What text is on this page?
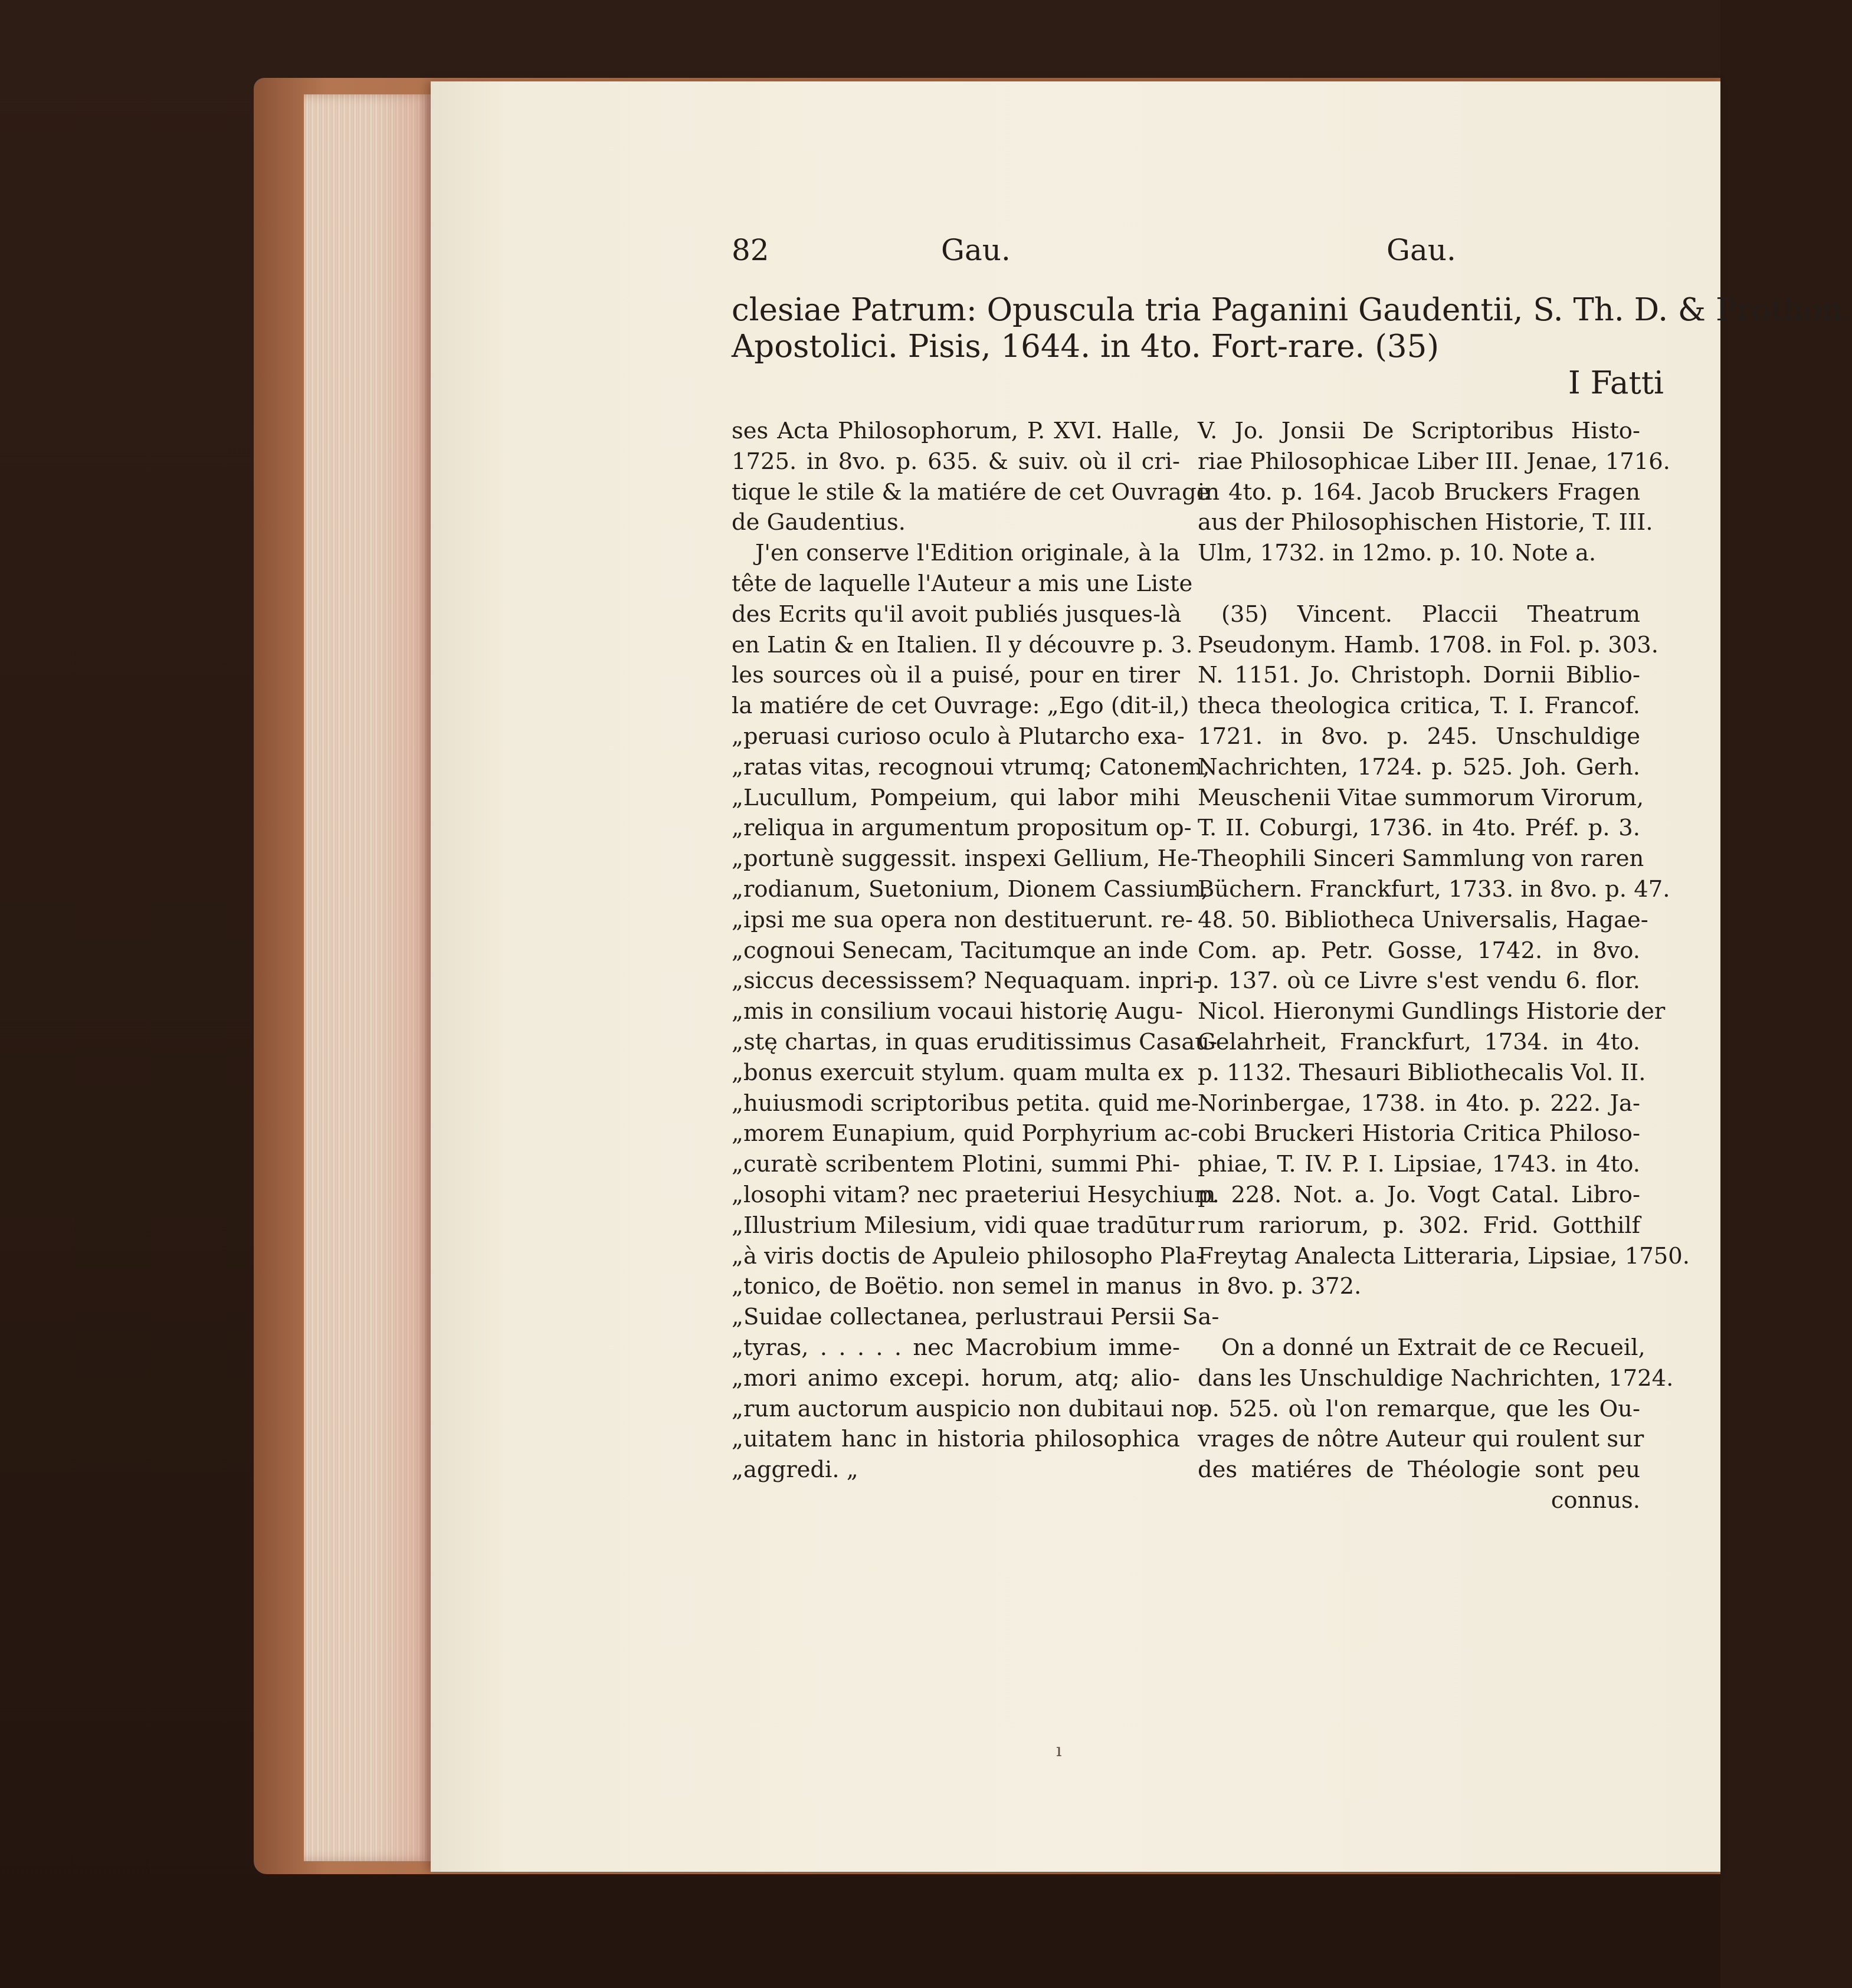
82	Gau.	Gau.
clesiae Patrum: Opuscula tria Paganini Gaudentii, S. Th. D. & Prothon.
Apostolici. Pisis, 1644. in 4to. Fort-rare. (35)
I Fatti
ses Acta Philosophorum, P. XVI. Halle,
1725. in 8vo. p. 635. & suiv. où il cri-
tique le stile & la matiére de cet Ouvrage
de Gaudentius.
J'en conserve l'Edition originale, à la
tête de laquelle l'Auteur a mis une Liste
des Ecrits qu'il avoit publiés jusques-là
en Latin & en Italien. Il y découvre p. 3.
les sources où il a puisé, pour en tirer
la matiére de cet Ouvrage: „Ego (dit-il,)
„peruasi curioso oculo à Plutarcho exa-
„ratas vitas, recognoui vtrumq; Catonem,
„Lucullum, Pompeium, qui labor mihi
„reliqua in argumentum propositum op-
„portunè suggessit. inspexi Gellium, He-
„rodianum, Suetonium, Dionem Cassium,
„ipsi me sua opera non destituerunt. re-
„cognoui Senecam, Tacitumque an inde
„siccus decessissem? Nequaquam. inpri-
„mis in consilium vocaui historię Augu-
„stę chartas, in quas eruditissimus Casau-
„bonus exercuit stylum. quam multa ex
„huiusmodi scriptoribus petita. quid me-
„morem Eunapium, quid Porphyrium ac-
„curatè scribentem Plotini, summi Phi-
„losophi vitam? nec praeteriui Hesychium
„Illustrium Milesium, vidi quae tradūtur
„à viris doctis de Apuleio philosopho Pla-
„tonico, de Boëtio. non semel in manus
„Suidae collectanea, perlustraui Persii Sa-
„tyras, . . . . . nec Macrobium imme-
„mori animo excepi. horum, atq; alio-
„rum auctorum auspicio non dubitaui no-
„uitatem hanc in historia philosophica
„aggredi. „
V. Jo. Jonsii De Scriptoribus Histo-
riae Philosophicae Liber III. Jenae, 1716.
in 4to. p. 164. Jacob Bruckers Fragen
aus der Philosophischen Historie, T. III.
Ulm, 1732. in 12mo. p. 10. Note a.
(35) Vincent. Placcii Theatrum
Pseudonym. Hamb. 1708. in Fol. p. 303.
N. 1151. Jo. Christoph. Dornii Biblio-
theca theologica critica, T. I. Francof.
1721. in 8vo. p. 245. Unschuldige
Nachrichten, 1724. p. 525. Joh. Gerh.
Meuschenii Vitae summorum Virorum,
T. II. Coburgi, 1736. in 4to. Préf. p. 3.
Theophili Sinceri Sammlung von raren
Büchern. Franckfurt, 1733. in 8vo. p. 47.
48. 50. Bibliotheca Universalis, Hagae-
Com. ap. Petr. Gosse, 1742. in 8vo.
p. 137. où ce Livre s'est vendu 6. flor.
Nicol. Hieronymi Gundlings Historie der
Gelahrheit, Franckfurt, 1734. in 4to.
p. 1132. Thesauri Bibliothecalis Vol. II.
Norinbergae, 1738. in 4to. p. 222. Ja-
cobi Bruckeri Historia Critica Philoso-
phiae, T. IV. P. I. Lipsiae, 1743. in 4to.
p. 228. Not. a. Jo. Vogt Catal. Libro-
rum rariorum, p. 302. Frid. Gotthilf
Freytag Analecta Litteraria, Lipsiae, 1750.
in 8vo. p. 372.
On a donné un Extrait de ce Recueil,
dans les Unschuldige Nachrichten, 1724.
p. 525. où l'on remarque, que les Ou-
vrages de nôtre Auteur qui roulent sur
des matiéres de Théologie sont peu
connus.
ı
